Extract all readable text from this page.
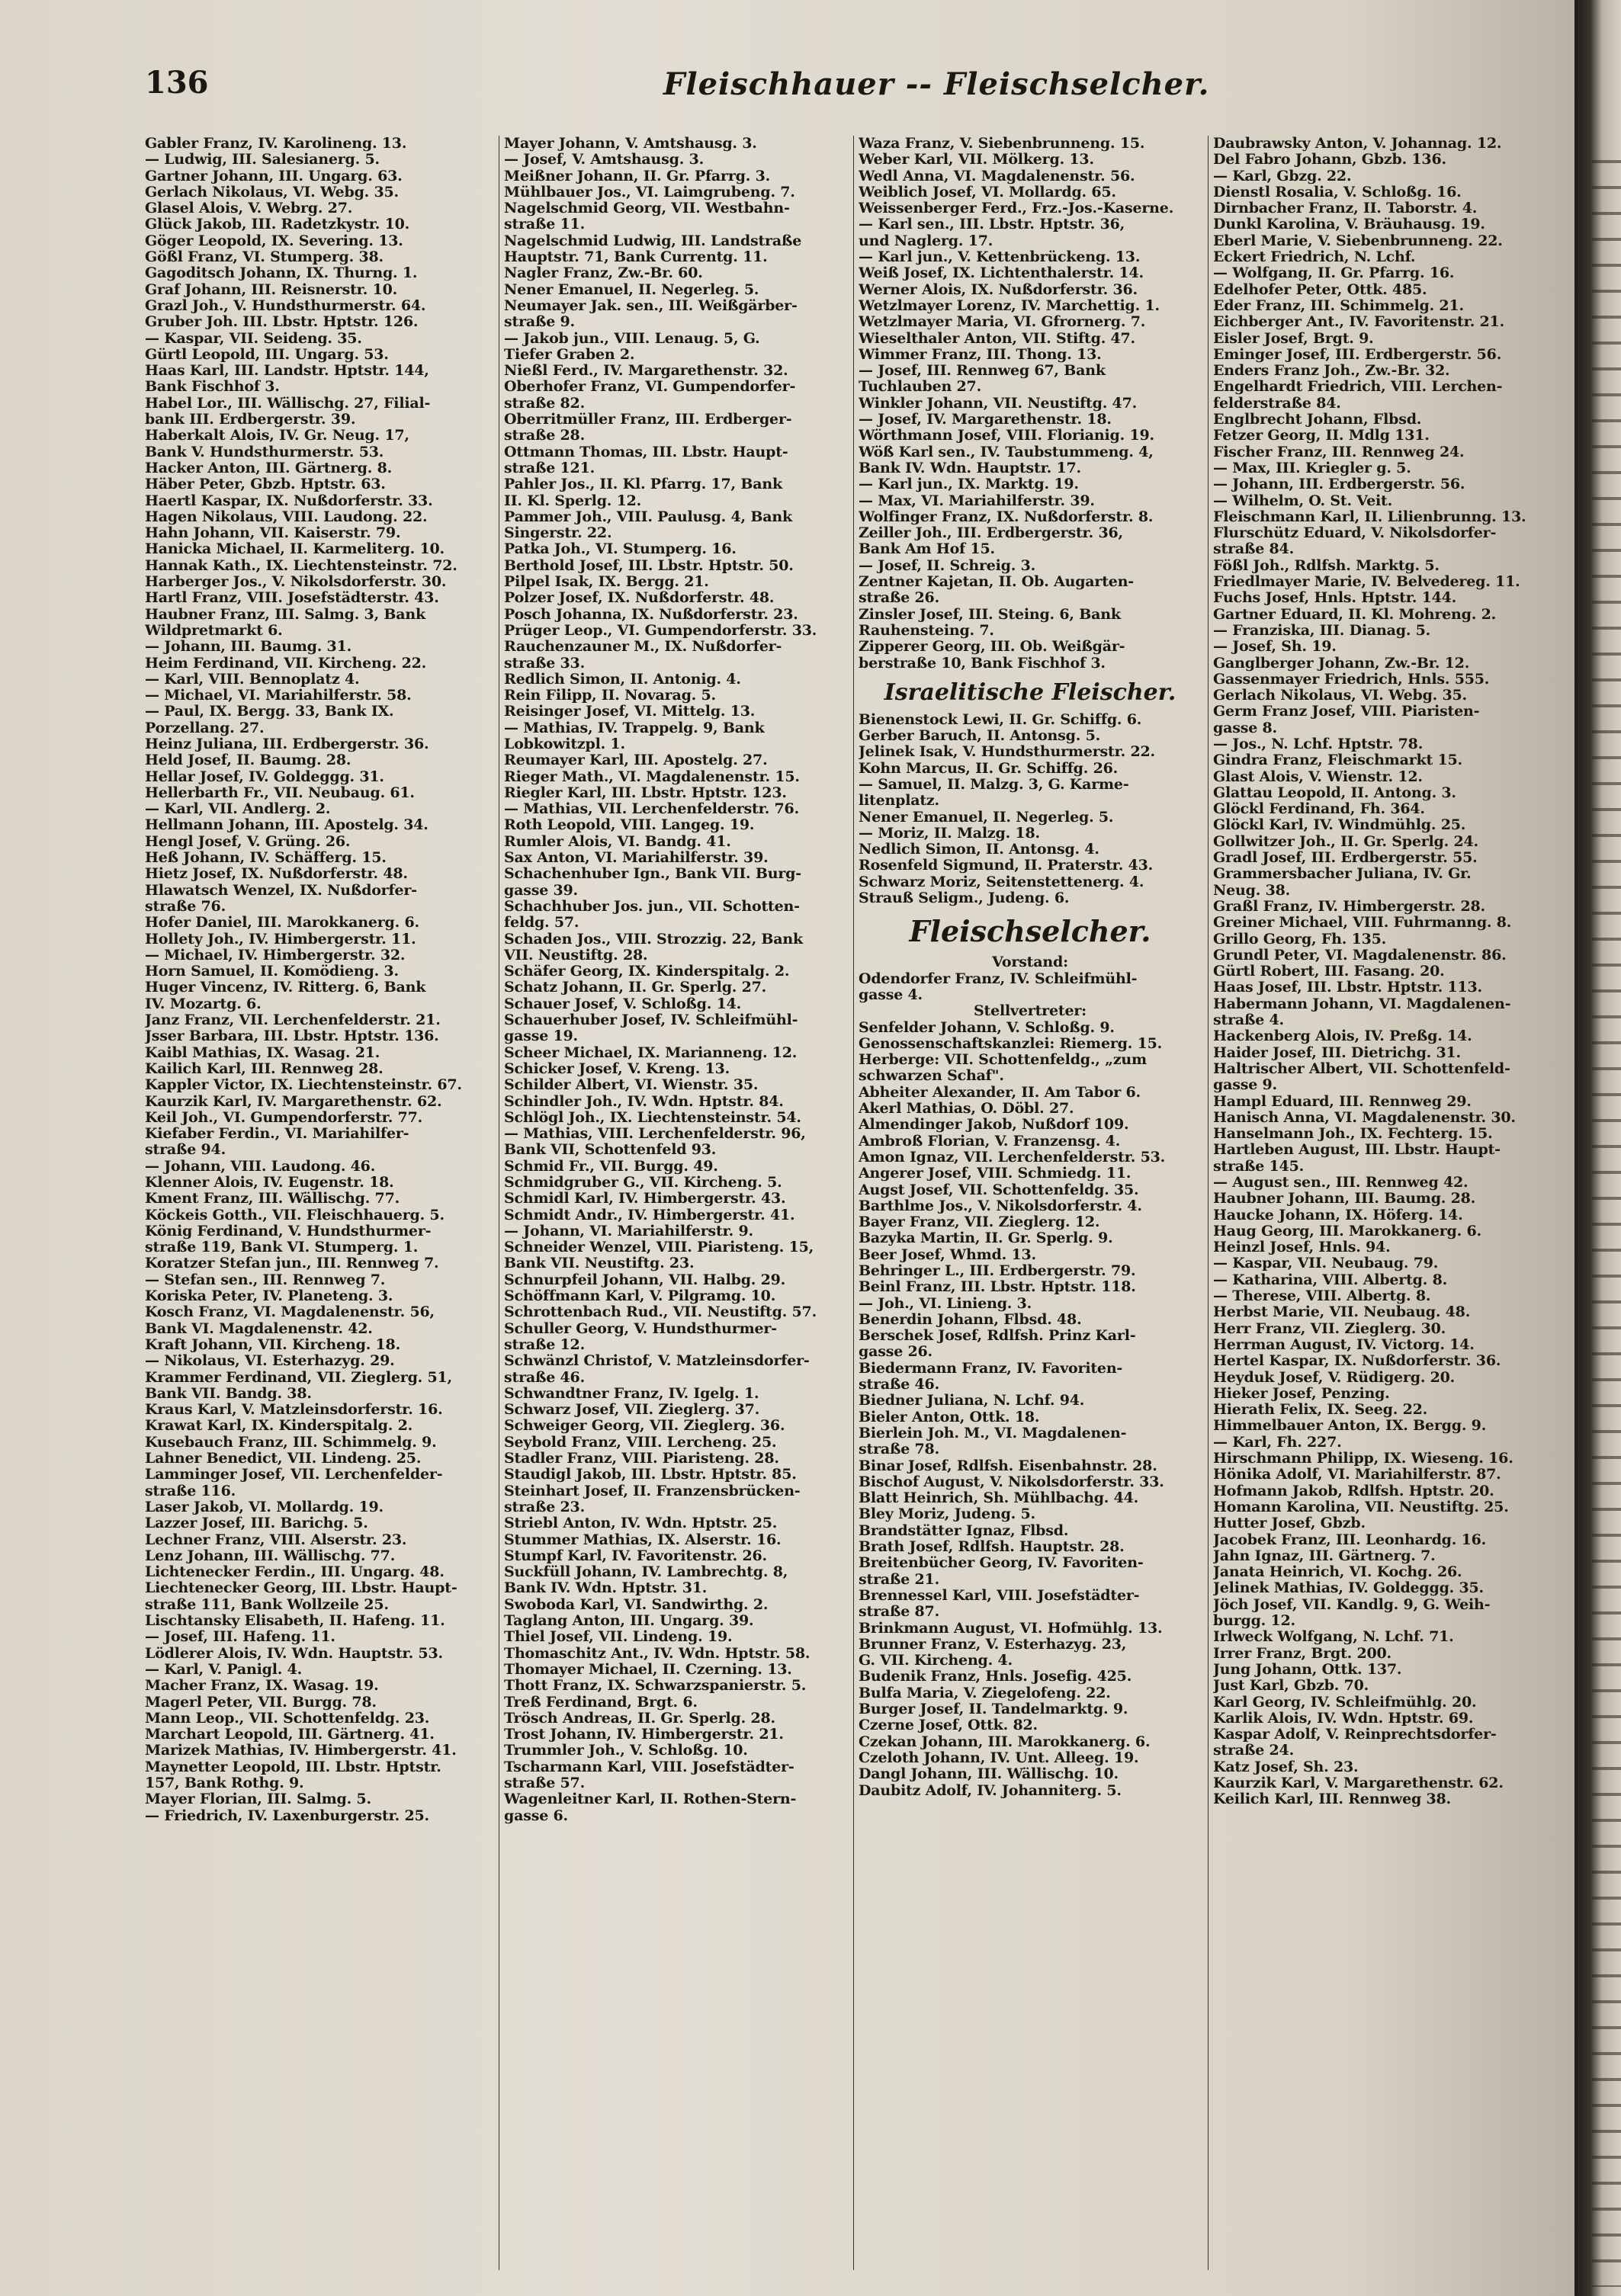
136	Fleischhauer -- Fleischselcher.
Gabler Franz, IV. Karolineng. 13.
— Ludwig, III. Salesianerg. 5.
Gartner Johann, III. Ungarg. 63.
Gerlach Nikolaus, VI. Webg. 35.
Glasel Alois, V. Webrg. 27.
Glück Jakob, III. Radetzkystr. 10.
Göger Leopold, IX. Severing. 13.
Gößl Franz, VI. Stumperg. 38.
Gagoditsch Johann, IX. Thurng. 1.
Graf Johann, III. Reisnerstr. 10.
Grazl Joh., V. Hundsthurmerstr. 64.
Gruber Joh. III. Lbstr. Hptstr. 126.
— Kaspar, VII. Seideng. 35.
Gürtl Leopold, III. Ungarg. 53.
Haas Karl, III. Landstr. Hptstr. 144,
Bank Fischhof 3.
Habel Lor., III. Wällischg. 27, Filial-
bank III. Erdbergerstr. 39.
Haberkalt Alois, IV. Gr. Neug. 17,
Bank V. Hundsthurmerstr. 53.
Hacker Anton, III. Gärtnerg. 8.
Häber Peter, Gbzb. Hptstr. 63.
Haertl Kaspar, IX. Nußdorferstr. 33.
Hagen Nikolaus, VIII. Laudong. 22.
Hahn Johann, VII. Kaiserstr. 79.
Hanicka Michael, II. Karmeliterg. 10.
Hannak Kath., IX. Liechtensteinstr. 72.
Harberger Jos., V. Nikolsdorferstr. 30.
Hartl Franz, VIII. Josefstädterstr. 43.
Haubner Franz, III. Salmg. 3, Bank
Wildpretmarkt 6.
— Johann, III. Baumg. 31.
Heim Ferdinand, VII. Kircheng. 22.
— Karl, VIII. Bennoplatz 4.
— Michael, VI. Mariahilferstr. 58.
— Paul, IX. Bergg. 33, Bank IX.
Porzellang. 27.
Heinz Juliana, III. Erdbergerstr. 36.
Held Josef, II. Baumg. 28.
Hellar Josef, IV. Goldeggg. 31.
Hellerbarth Fr., VII. Neubaug. 61.
— Karl, VII. Andlerg. 2.
Hellmann Johann, III. Apostelg. 34.
Hengl Josef, V. Grüng. 26.
Heß Johann, IV. Schäfferg. 15.
Hietz Josef, IX. Nußdorferstr. 48.
Hlawatsch Wenzel, IX. Nußdorfer-
straße 76.
Hofer Daniel, III. Marokkanerg. 6.
Hollety Joh., IV. Himbergerstr. 11.
— Michael, IV. Himbergerstr. 32.
Horn Samuel, II. Komödieng. 3.
Huger Vincenz, IV. Ritterg. 6, Bank
IV. Mozartg. 6.
Janz Franz, VII. Lerchenfelderstr. 21.
Jsser Barbara, III. Lbstr. Hptstr. 136.
Kaibl Mathias, IX. Wasag. 21.
Kailich Karl, III. Rennweg 28.
Kappler Victor, IX. Liechtensteinstr. 67.
Kaurzik Karl, IV. Margarethenstr. 62.
Keil Joh., VI. Gumpendorferstr. 77.
Kiefaber Ferdin., VI. Mariahilfer-
straße 94.
— Johann, VIII. Laudong. 46.
Klenner Alois, IV. Eugenstr. 18.
Kment Franz, III. Wällischg. 77.
Köckeis Gotth., VII. Fleischhauerg. 5.
König Ferdinand, V. Hundsthurmer-
straße 119, Bank VI. Stumperg. 1.
Koratzer Stefan jun., III. Rennweg 7.
— Stefan sen., III. Rennweg 7.
Koriska Peter, IV. Planeteng. 3.
Kosch Franz, VI. Magdalenenstr. 56,
Bank VI. Magdalenenstr. 42.
Kraft Johann, VII. Kircheng. 18.
— Nikolaus, VI. Esterhazyg. 29.
Krammer Ferdinand, VII. Zieglerg. 51,
Bank VII. Bandg. 38.
Kraus Karl, V. Matzleinsdorferstr. 16.
Krawat Karl, IX. Kinderspitalg. 2.
Kusebauch Franz, III. Schimmelg. 9.
Lahner Benedict, VII. Lindeng. 25.
Lamminger Josef, VII. Lerchenfelder-
straße 116.
Laser Jakob, VI. Mollardg. 19.
Lazzer Josef, III. Barichg. 5.
Lechner Franz, VIII. Alserstr. 23.
Lenz Johann, III. Wällischg. 77.
Lichtenecker Ferdin., III. Ungarg. 48.
Liechtenecker Georg, III. Lbstr. Haupt-
straße 111, Bank Wollzeile 25.
Lischtansky Elisabeth, II. Hafeng. 11.
— Josef, III. Hafeng. 11.
Lödlerer Alois, IV. Wdn. Hauptstr. 53.
— Karl, V. Panigl. 4.
Macher Franz, IX. Wasag. 19.
Magerl Peter, VII. Burgg. 78.
Mann Leop., VII. Schottenfeldg. 23.
Marchart Leopold, III. Gärtnerg. 41.
Marizek Mathias, IV. Himbergerstr. 41.
Maynetter Leopold, III. Lbstr. Hptstr.
157, Bank Rothg. 9.
Mayer Florian, III. Salmg. 5.
— Friedrich, IV. Laxenburgerstr. 25.
Mayer Johann, V. Amtshausg. 3.
— Josef, V. Amtshausg. 3.
Meißner Johann, II. Gr. Pfarrg. 3.
Mühlbauer Jos., VI. Laimgrubeng. 7.
Nagelschmid Georg, VII. Westbahn-
straße 11.
Nagelschmid Ludwig, III. Landstraße
Hauptstr. 71, Bank Currentg. 11.
Nagler Franz, Zw.-Br. 60.
Nener Emanuel, II. Negerleg. 5.
Neumayer Jak. sen., III. Weißgärber-
straße 9.
— Jakob jun., VIII. Lenaug. 5, G.
Tiefer Graben 2.
Nießl Ferd., IV. Margarethenstr. 32.
Oberhofer Franz, VI. Gumpendorfer-
straße 82.
Oberritmüller Franz, III. Erdberger-
straße 28.
Ottmann Thomas, III. Lbstr. Haupt-
straße 121.
Pahler Jos., II. Kl. Pfarrg. 17, Bank
II. Kl. Sperlg. 12.
Pammer Joh., VIII. Paulusg. 4, Bank
Singerstr. 22.
Patka Joh., VI. Stumperg. 16.
Berthold Josef, III. Lbstr. Hptstr. 50.
Pilpel Isak, IX. Bergg. 21.
Polzer Josef, IX. Nußdorferstr. 48.
Posch Johanna, IX. Nußdorferstr. 23.
Prüger Leop., VI. Gumpendorferstr. 33.
Rauchenzauner M., IX. Nußdorfer-
straße 33.
Redlich Simon, II. Antonig. 4.
Rein Filipp, II. Novarag. 5.
Reisinger Josef, VI. Mittelg. 13.
— Mathias, IV. Trappelg. 9, Bank
Lobkowitzpl. 1.
Reumayer Karl, III. Apostelg. 27.
Rieger Math., VI. Magdalenenstr. 15.
Riegler Karl, III. Lbstr. Hptstr. 123.
— Mathias, VII. Lerchenfelderstr. 76.
Roth Leopold, VIII. Langeg. 19.
Rumler Alois, VI. Bandg. 41.
Sax Anton, VI. Mariahilferstr. 39.
Schachenhuber Ign., Bank VII. Burg-
gasse 39.
Schachhuber Jos. jun., VII. Schotten-
feldg. 57.
Schaden Jos., VIII. Strozzig. 22, Bank
VII. Neustiftg. 28.
Schäfer Georg, IX. Kinderspitalg. 2.
Schatz Johann, II. Gr. Sperlg. 27.
Schauer Josef, V. Schloßg. 14.
Schauerhuber Josef, IV. Schleifmühl-
gasse 19.
Scheer Michael, IX. Marianneng. 12.
Schicker Josef, V. Kreng. 13.
Schilder Albert, VI. Wienstr. 35.
Schindler Joh., IV. Wdn. Hptstr. 84.
Schlögl Joh., IX. Liechtensteinstr. 54.
— Mathias, VIII. Lerchenfelderstr. 96,
Bank VII, Schottenfeld 93.
Schmid Fr., VII. Burgg. 49.
Schmidgruber G., VII. Kircheng. 5.
Schmidl Karl, IV. Himbergerstr. 43.
Schmidt Andr., IV. Himbergerstr. 41.
— Johann, VI. Mariahilferstr. 9.
Schneider Wenzel, VIII. Piaristeng. 15,
Bank VII. Neustiftg. 23.
Schnurpfeil Johann, VII. Halbg. 29.
Schöffmann Karl, V. Pilgramg. 10.
Schrottenbach Rud., VII. Neustiftg. 57.
Schuller Georg, V. Hundsthurmer-
straße 12.
Schwänzl Christof, V. Matzleinsdorfer-
straße 46.
Schwandtner Franz, IV. Igelg. 1.
Schwarz Josef, VII. Zieglerg. 37.
Schweiger Georg, VII. Zieglerg. 36.
Seybold Franz, VIII. Lercheng. 25.
Stadler Franz, VIII. Piaristeng. 28.
Staudigl Jakob, III. Lbstr. Hptstr. 85.
Steinhart Josef, II. Franzensbrücken-
straße 23.
Striebl Anton, IV. Wdn. Hptstr. 25.
Stummer Mathias, IX. Alserstr. 16.
Stumpf Karl, IV. Favoritenstr. 26.
Suckfüll Johann, IV. Lambrechtg. 8,
Bank IV. Wdn. Hptstr. 31.
Swoboda Karl, VI. Sandwirthg. 2.
Taglang Anton, III. Ungarg. 39.
Thiel Josef, VII. Lindeng. 19.
Thomaschitz Ant., IV. Wdn. Hptstr. 58.
Thomayer Michael, II. Czerning. 13.
Thott Franz, IX. Schwarzspanierstr. 5.
Treß Ferdinand, Brgt. 6.
Trösch Andreas, II. Gr. Sperlg. 28.
Trost Johann, IV. Himbergerstr. 21.
Trummler Joh., V. Schloßg. 10.
Tscharmann Karl, VIII. Josefstädter-
straße 57.
Wagenleitner Karl, II. Rothen-Stern-
gasse 6.
Waza Franz, V. Siebenbrunneng. 15.
Weber Karl, VII. Mölkerg. 13.
Wedl Anna, VI. Magdalenenstr. 56.
Weiblich Josef, VI. Mollardg. 65.
Weissenberger Ferd., Frz.-Jos.-Kaserne.
— Karl sen., III. Lbstr. Hptstr. 36,
und Naglerg. 17.
— Karl jun., V. Kettenbrückeng. 13.
Weiß Josef, IX. Lichtenthalerstr. 14.
Werner Alois, IX. Nußdorferstr. 36.
Wetzlmayer Lorenz, IV. Marchettig. 1.
Wetzlmayer Maria, VI. Gfrornerg. 7.
Wieselthaler Anton, VII. Stiftg. 47.
Wimmer Franz, III. Thong. 13.
— Josef, III. Rennweg 67, Bank
Tuchlauben 27.
Winkler Johann, VII. Neustiftg. 47.
— Josef, IV. Margarethenstr. 18.
Wörthmann Josef, VIII. Florianig. 19.
Wöß Karl sen., IV. Taubstummeng. 4,
Bank IV. Wdn. Hauptstr. 17.
— Karl jun., IX. Marktg. 19.
— Max, VI. Mariahilferstr. 39.
Wolfinger Franz, IX. Nußdorferstr. 8.
Zeiller Joh., III. Erdbergerstr. 36,
Bank Am Hof 15.
— Josef, II. Schreig. 3.
Zentner Kajetan, II. Ob. Augarten-
straße 26.
Zinsler Josef, III. Steing. 6, Bank
Rauhensteing. 7.
Zipperer Georg, III. Ob. Weißgär-
berstraße 10, Bank Fischhof 3.
Israelitische Fleischer.
Bienenstock Lewi, II. Gr. Schiffg. 6.
Gerber Baruch, II. Antonsg. 5.
Jelinek Isak, V. Hundsthurmerstr. 22.
Kohn Marcus, II. Gr. Schiffg. 26.
— Samuel, II. Malzg. 3, G. Karme-
litenplatz.
Nener Emanuel, II. Negerleg. 5.
— Moriz, II. Malzg. 18.
Nedlich Simon, II. Antonsg. 4.
Rosenfeld Sigmund, II. Praterstr. 43.
Schwarz Moriz, Seitenstettenerg. 4.
Strauß Seligm., Judeng. 6.
Fleischselcher.
Vorstand:
Odendorfer Franz, IV. Schleifmühl-
gasse 4.
Stellvertreter:
Senfelder Johann, V. Schloßg. 9.
Genossenschaftskanzlei: Riemerg. 15.
Herberge: VII. Schottenfeldg., „zum
schwarzen Schaf".
Abheiter Alexander, II. Am Tabor 6.
Akerl Mathias, O. Döbl. 27.
Almendinger Jakob, Nußdorf 109.
Ambroß Florian, V. Franzensg. 4.
Amon Ignaz, VII. Lerchenfelderstr. 53.
Angerer Josef, VIII. Schmiedg. 11.
Augst Josef, VII. Schottenfeldg. 35.
Barthlme Jos., V. Nikolsdorferstr. 4.
Bayer Franz, VII. Zieglerg. 12.
Bazyka Martin, II. Gr. Sperlg. 9.
Beer Josef, Whmd. 13.
Behringer L., III. Erdbergerstr. 79.
Beinl Franz, III. Lbstr. Hptstr. 118.
— Joh., VI. Linieng. 3.
Benerdin Johann, Flbsd. 48.
Berschek Josef, Rdlfsh. Prinz Karl-
gasse 26.
Biedermann Franz, IV. Favoriten-
straße 46.
Biedner Juliana, N. Lchf. 94.
Bieler Anton, Ottk. 18.
Bierlein Joh. M., VI. Magdalenen-
straße 78.
Binar Josef, Rdlfsh. Eisenbahnstr. 28.
Bischof August, V. Nikolsdorferstr. 33.
Blatt Heinrich, Sh. Mühlbachg. 44.
Bley Moriz, Judeng. 5.
Brandstätter Ignaz, Flbsd.
Brath Josef, Rdlfsh. Hauptstr. 28.
Breitenbücher Georg, IV. Favoriten-
straße 21.
Brennessel Karl, VIII. Josefstädter-
straße 87.
Brinkmann August, VI. Hofmühlg. 13.
Brunner Franz, V. Esterhazyg. 23,
G. VII. Kircheng. 4.
Budenik Franz, Hnls. Josefig. 425.
Bulfa Maria, V. Ziegelofeng. 22.
Burger Josef, II. Tandelmarktg. 9.
Czerne Josef, Ottk. 82.
Czekan Johann, III. Marokkanerg. 6.
Czeloth Johann, IV. Unt. Alleeg. 19.
Dangl Johann, III. Wällischg. 10.
Daubitz Adolf, IV. Johanniterg. 5.
Daubrawsky Anton, V. Johannag. 12.
Del Fabro Johann, Gbzb. 136.
— Karl, Gbzg. 22.
Dienstl Rosalia, V. Schloßg. 16.
Dirnbacher Franz, II. Taborstr. 4.
Dunkl Karolina, V. Bräuhausg. 19.
Eberl Marie, V. Siebenbrunneng. 22.
Eckert Friedrich, N. Lchf.
— Wolfgang, II. Gr. Pfarrg. 16.
Edelhofer Peter, Ottk. 485.
Eder Franz, III. Schimmelg. 21.
Eichberger Ant., IV. Favoritenstr. 21.
Eisler Josef, Brgt. 9.
Eminger Josef, III. Erdbergerstr. 56.
Enders Franz Joh., Zw.-Br. 32.
Engelhardt Friedrich, VIII. Lerchen-
felderstraße 84.
Englbrecht Johann, Flbsd.
Fetzer Georg, II. Mdlg 131.
Fischer Franz, III. Rennweg 24.
— Max, III. Kriegler g. 5.
— Johann, III. Erdbergerstr. 56.
— Wilhelm, O. St. Veit.
Fleischmann Karl, II. Lilienbrunng. 13.
Flurschütz Eduard, V. Nikolsdorfer-
straße 84.
Fößl Joh., Rdlfsh. Marktg. 5.
Friedlmayer Marie, IV. Belvedereg. 11.
Fuchs Josef, Hnls. Hptstr. 144.
Gartner Eduard, II. Kl. Mohreng. 2.
— Franziska, III. Dianag. 5.
— Josef, Sh. 19.
Ganglberger Johann, Zw.-Br. 12.
Gassenmayer Friedrich, Hnls. 555.
Gerlach Nikolaus, VI. Webg. 35.
Germ Franz Josef, VIII. Piaristen-
gasse 8.
— Jos., N. Lchf. Hptstr. 78.
Gindra Franz, Fleischmarkt 15.
Glast Alois, V. Wienstr. 12.
Glattau Leopold, II. Antong. 3.
Glöckl Ferdinand, Fh. 364.
Glöckl Karl, IV. Windmühlg. 25.
Gollwitzer Joh., II. Gr. Sperlg. 24.
Gradl Josef, III. Erdbergerstr. 55.
Grammersbacher Juliana, IV. Gr.
Neug. 38.
Graßl Franz, IV. Himbergerstr. 28.
Greiner Michael, VIII. Fuhrmanng. 8.
Grillo Georg, Fh. 135.
Grundl Peter, VI. Magdalenenstr. 86.
Gürtl Robert, III. Fasang. 20.
Haas Josef, III. Lbstr. Hptstr. 113.
Habermann Johann, VI. Magdalenen-
straße 4.
Hackenberg Alois, IV. Preßg. 14.
Haider Josef, III. Dietrichg. 31.
Haltrischer Albert, VII. Schottenfeld-
gasse 9.
Hampl Eduard, III. Rennweg 29.
Hanisch Anna, VI. Magdalenenstr. 30.
Hanselmann Joh., IX. Fechterg. 15.
Hartleben August, III. Lbstr. Haupt-
straße 145.
— August sen., III. Rennweg 42.
Haubner Johann, III. Baumg. 28.
Haucke Johann, IX. Höferg. 14.
Haug Georg, III. Marokkanerg. 6.
Heinzl Josef, Hnls. 94.
— Kaspar, VII. Neubaug. 79.
— Katharina, VIII. Albertg. 8.
— Therese, VIII. Albertg. 8.
Herbst Marie, VII. Neubaug. 48.
Herr Franz, VII. Zieglerg. 30.
Herrman August, IV. Victorg. 14.
Hertel Kaspar, IX. Nußdorferstr. 36.
Heyduk Josef, V. Rüdigerg. 20.
Hieker Josef, Penzing.
Hierath Felix, IX. Seeg. 22.
Himmelbauer Anton, IX. Bergg. 9.
— Karl, Fh. 227.
Hirschmann Philipp, IX. Wieseng. 16.
Hönika Adolf, VI. Mariahilferstr. 87.
Hofmann Jakob, Rdlfsh. Hptstr. 20.
Homann Karolina, VII. Neustiftg. 25.
Hutter Josef, Gbzb.
Jacobek Franz, III. Leonhardg. 16.
Jahn Ignaz, III. Gärtnerg. 7.
Janata Heinrich, VI. Kochg. 26.
Jelinek Mathias, IV. Goldeggg. 35.
Jöch Josef, VII. Kandlg. 9, G. Weih-
burgg. 12.
Irlweck Wolfgang, N. Lchf. 71.
Irrer Franz, Brgt. 200.
Jung Johann, Ottk. 137.
Just Karl, Gbzb. 70.
Karl Georg, IV. Schleifmühlg. 20.
Karlik Alois, IV. Wdn. Hptstr. 69.
Kaspar Adolf, V. Reinprechtsdorfer-
straße 24.
Katz Josef, Sh. 23.
Kaurzik Karl, V. Margarethenstr. 62.
Keilich Karl, III. Rennweg 38.
